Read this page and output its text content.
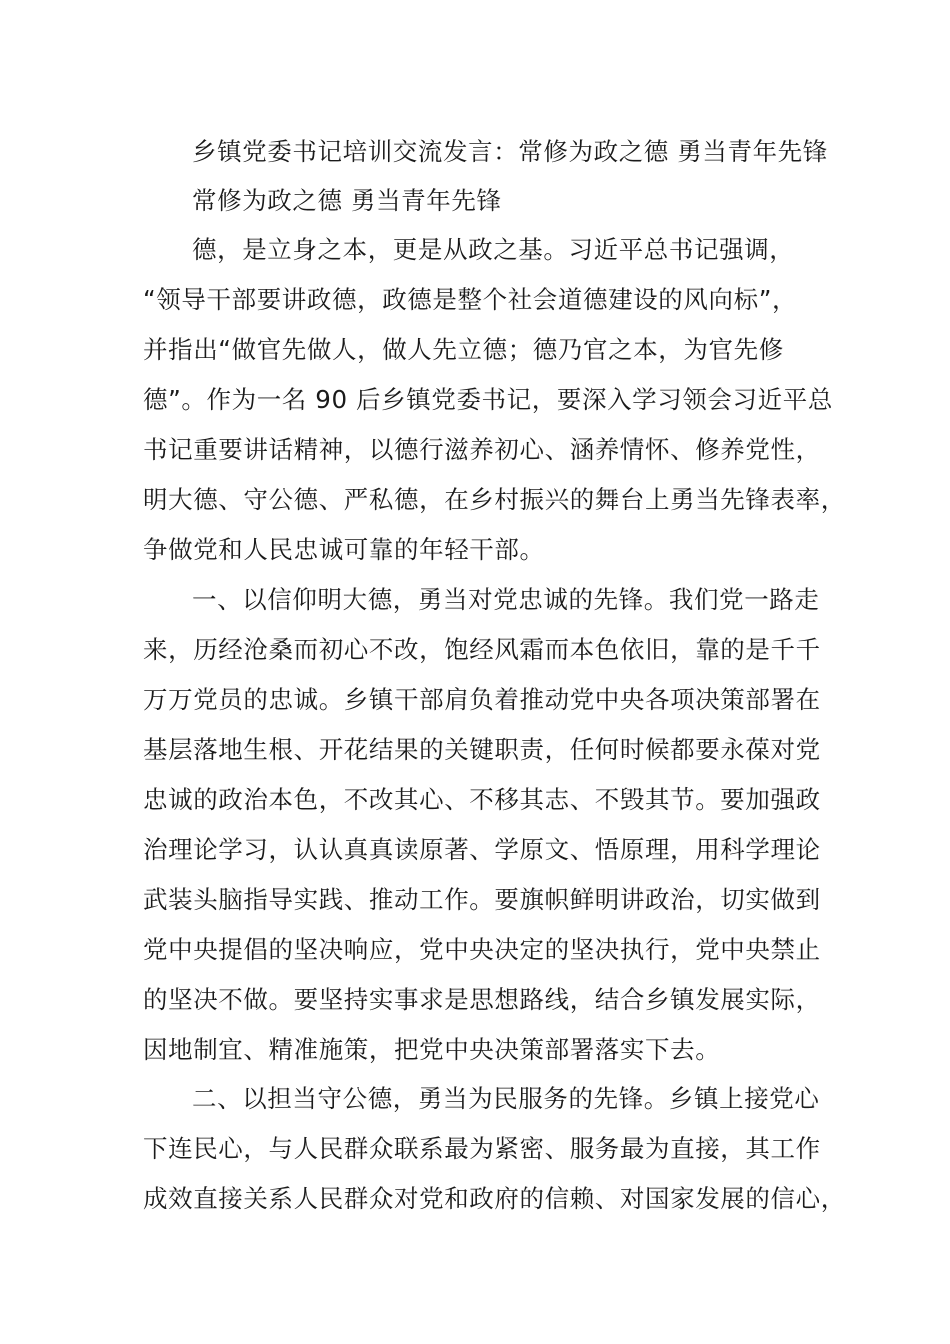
乡镇党委书记培训交流发言：常修为政之德 勇当青年先锋
常修为政之德 勇当青年先锋
德，是立身之本，更是从政之基。习近平总书记强调，
“领导干部要讲政德，政德是整个社会道德建设的风向标”，
并指出“做官先做人，做人先立德；德乃官之本，为官先修
德”。作为一名 90 后乡镇党委书记，要深入学习领会习近平总
书记重要讲话精神，以德行滋养初心、涵养情怀、修养党性，
明大德、守公德、严私德，在乡村振兴的舞台上勇当先锋表率，
争做党和人民忠诚可靠的年轻干部。
一、以信仰明大德，勇当对党忠诚的先锋。我们党一路走
来，历经沧桑而初心不改，饱经风霜而本色依旧，靠的是千千
万万党员的忠诚。乡镇干部肩负着推动党中央各项决策部署在
基层落地生根、开花结果的关键职责，任何时候都要永葆对党
忠诚的政治本色，不改其心、不移其志、不毁其节。要加强政
治理论学习，认认真真读原著、学原文、悟原理，用科学理论
武装头脑指导实践、推动工作。要旗帜鲜明讲政治，切实做到
党中央提倡的坚决响应，党中央决定的坚决执行，党中央禁止
的坚决不做。要坚持实事求是思想路线，结合乡镇发展实际，
因地制宜、精准施策，把党中央决策部署落实下去。
二、以担当守公德，勇当为民服务的先锋。乡镇上接党心
下连民心，与人民群众联系最为紧密、服务最为直接，其工作
成效直接关系人民群众对党和政府的信赖、对国家发展的信心，
